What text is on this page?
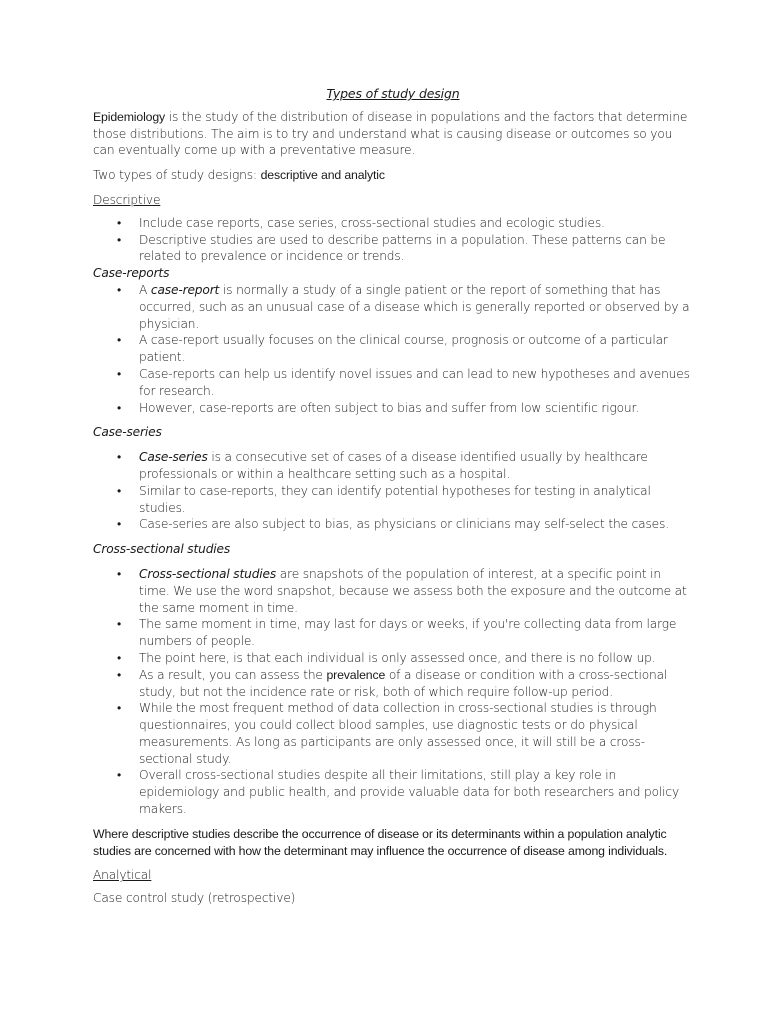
Types of study design

Epidemiology is the study of the distribution of disease in populations and the factors that determine those distributions. The aim is to try and understand what is causing disease or outcomes so you can eventually come up with a preventative measure.

Two types of study designs: descriptive and analytic

Descriptive
• Include case reports, case series, cross-sectional studies and ecologic studies.
• Descriptive studies are used to describe patterns in a population. These patterns can be related to prevalence or incidence or trends.
Case-reports
• A case-report is normally a study of a single patient or the report of something that has occurred, such as an unusual case of a disease which is generally reported or observed by a physician.
• A case-report usually focuses on the clinical course, prognosis or outcome of a particular patient.
• Case-reports can help us identify novel issues and can lead to new hypotheses and avenues for research.
• However, case-reports are often subject to bias and suffer from low scientific rigour.
Case-series
• Case-series is a consecutive set of cases of a disease identified usually by healthcare professionals or within a healthcare setting such as a hospital.
• Similar to case-reports, they can identify potential hypotheses for testing in analytical studies.
• Case-series are also subject to bias, as physicians or clinicians may self-select the cases.
Cross-sectional studies
• Cross-sectional studies are snapshots of the population of interest, at a specific point in time. We use the word snapshot, because we assess both the exposure and the outcome at the same moment in time.
• The same moment in time, may last for days or weeks, if you're collecting data from large numbers of people.
• The point here, is that each individual is only assessed once, and there is no follow up.
• As a result, you can assess the prevalence of a disease or condition with a cross-sectional study, but not the incidence rate or risk, both of which require follow-up period.
• While the most frequent method of data collection in cross-sectional studies is through questionnaires, you could collect blood samples, use diagnostic tests or do physical measurements. As long as participants are only assessed once, it will still be a cross-sectional study.
• Overall cross-sectional studies despite all their limitations, still play a key role in epidemiology and public health, and provide valuable data for both researchers and policy makers.

Where descriptive studies describe the occurrence of disease or its determinants within a population analytic studies are concerned with how the determinant may influence the occurrence of disease among individuals.

Analytical
Case control study (retrospective)
